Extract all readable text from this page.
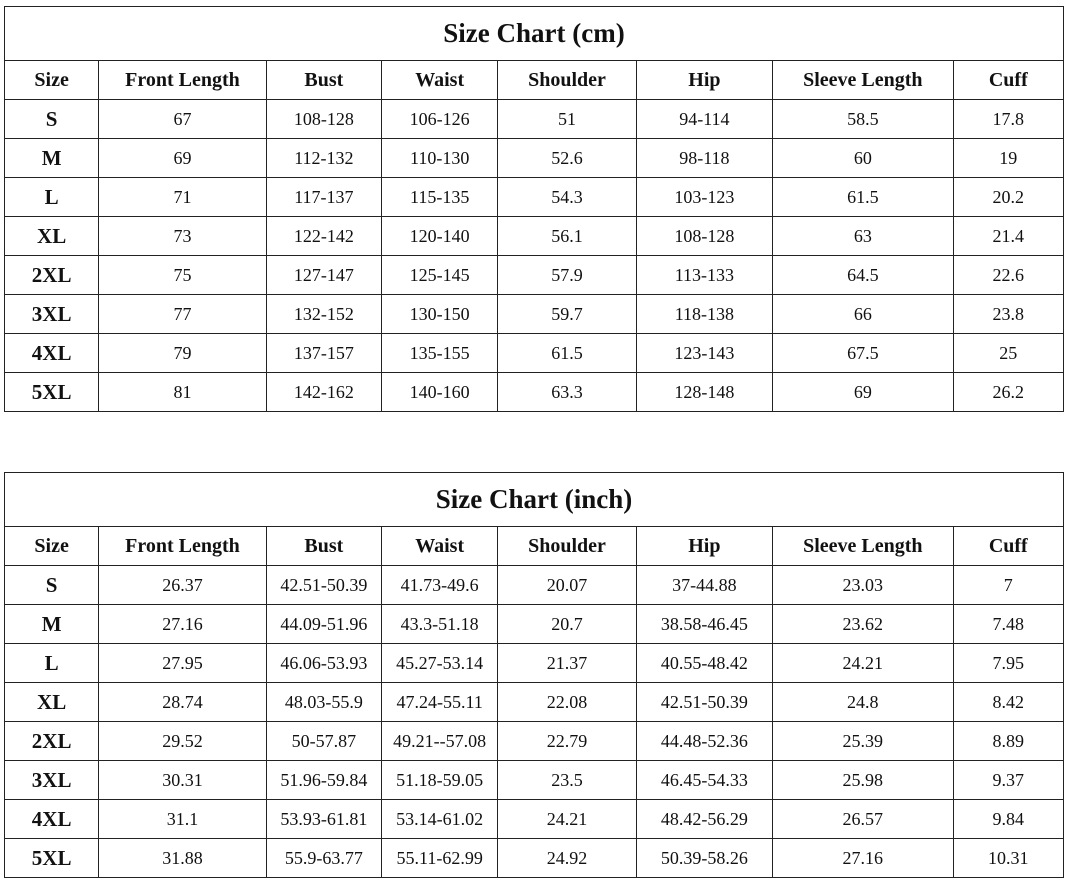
Size Chart (cm)							
Size	Front Length	Bust	Waist	Shoulder	Hip	Sleeve Length	Cuff
S	67	108-128	106-126	51	94-114	58.5	17.8
M	69	112-132	110-130	52.6	98-118	60	19
L	71	117-137	115-135	54.3	103-123	61.5	20.2
XL	73	122-142	120-140	56.1	108-128	63	21.4
2XL	75	127-147	125-145	57.9	113-133	64.5	22.6
3XL	77	132-152	130-150	59.7	118-138	66	23.8
4XL	79	137-157	135-155	61.5	123-143	67.5	25
5XL	81	142-162	140-160	63.3	128-148	69	26.2
Size Chart (inch)							
Size	Front Length	Bust	Waist	Shoulder	Hip	Sleeve Length	Cuff
S	26.37	42.51-50.39	41.73-49.6	20.07	37-44.88	23.03	7
M	27.16	44.09-51.96	43.3-51.18	20.7	38.58-46.45	23.62	7.48
L	27.95	46.06-53.93	45.27-53.14	21.37	40.55-48.42	24.21	7.95
XL	28.74	48.03-55.9	47.24-55.11	22.08	42.51-50.39	24.8	8.42
2XL	29.52	50-57.87	49.21--57.08	22.79	44.48-52.36	25.39	8.89
3XL	30.31	51.96-59.84	51.18-59.05	23.5	46.45-54.33	25.98	9.37
4XL	31.1	53.93-61.81	53.14-61.02	24.21	48.42-56.29	26.57	9.84
5XL	31.88	55.9-63.77	55.11-62.99	24.92	50.39-58.26	27.16	10.31
